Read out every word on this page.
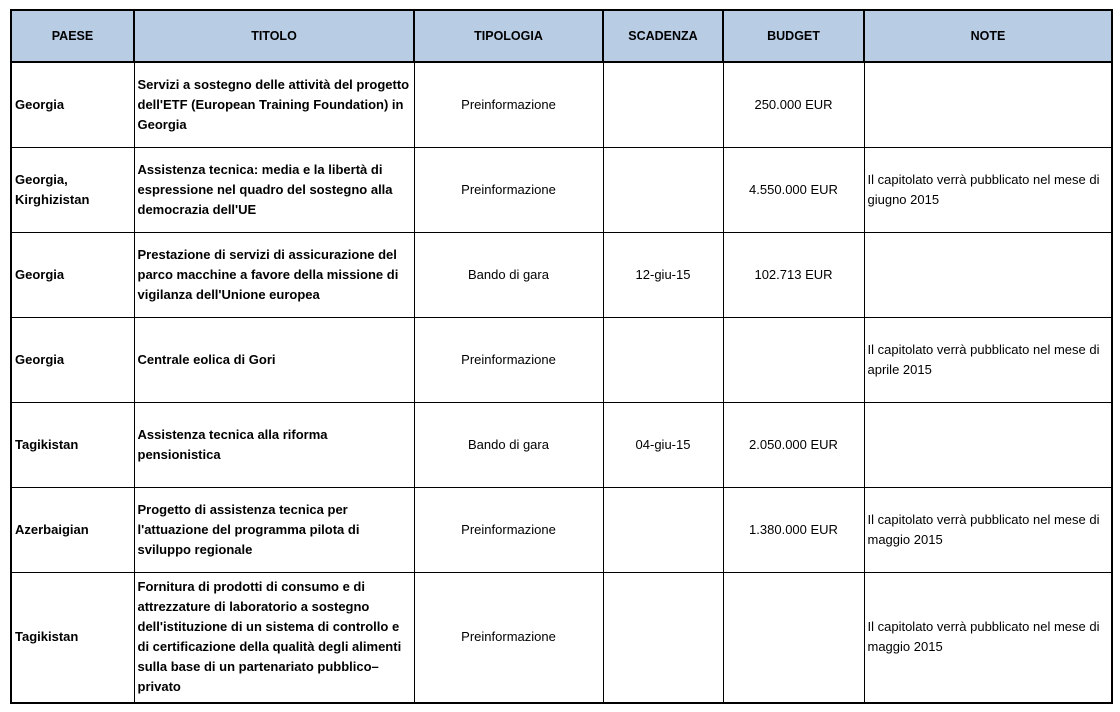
PAESE	TITOLO	TIPOLOGIA	SCADENZA	BUDGET	NOTE
Georgia	Servizi a sostegno delle attività del progetto dell'ETF (European Training Foundation) in Georgia	Preinformazione		250.000 EUR	
Georgia, Kirghizistan	Assistenza tecnica: media e la libertà di espressione nel quadro del sostegno alla democrazia dell'UE	Preinformazione		4.550.000 EUR	Il capitolato verrà pubblicato nel mese di giugno 2015
Georgia	Prestazione di servizi di assicurazione del parco macchine a favore della missione di vigilanza dell'Unione europea	Bando di gara	12-giu-15	102.713 EUR	
Georgia	Centrale eolica di Gori	Preinformazione			Il capitolato verrà pubblicato nel mese di aprile 2015
Tagikistan	Assistenza tecnica alla riforma pensionistica	Bando di gara	04-giu-15	2.050.000 EUR	
Azerbaigian	Progetto di assistenza tecnica per l'attuazione del programma pilota di sviluppo regionale	Preinformazione		1.380.000 EUR	Il capitolato verrà pubblicato nel mese di maggio 2015
Tagikistan	Fornitura di prodotti di consumo e di attrezzature di laboratorio a sostegno dell'istituzione di un sistema di controllo e di certificazione della qualità degli alimenti sulla base di un partenariato pubblico–privato	Preinformazione			Il capitolato verrà pubblicato nel mese di maggio 2015
